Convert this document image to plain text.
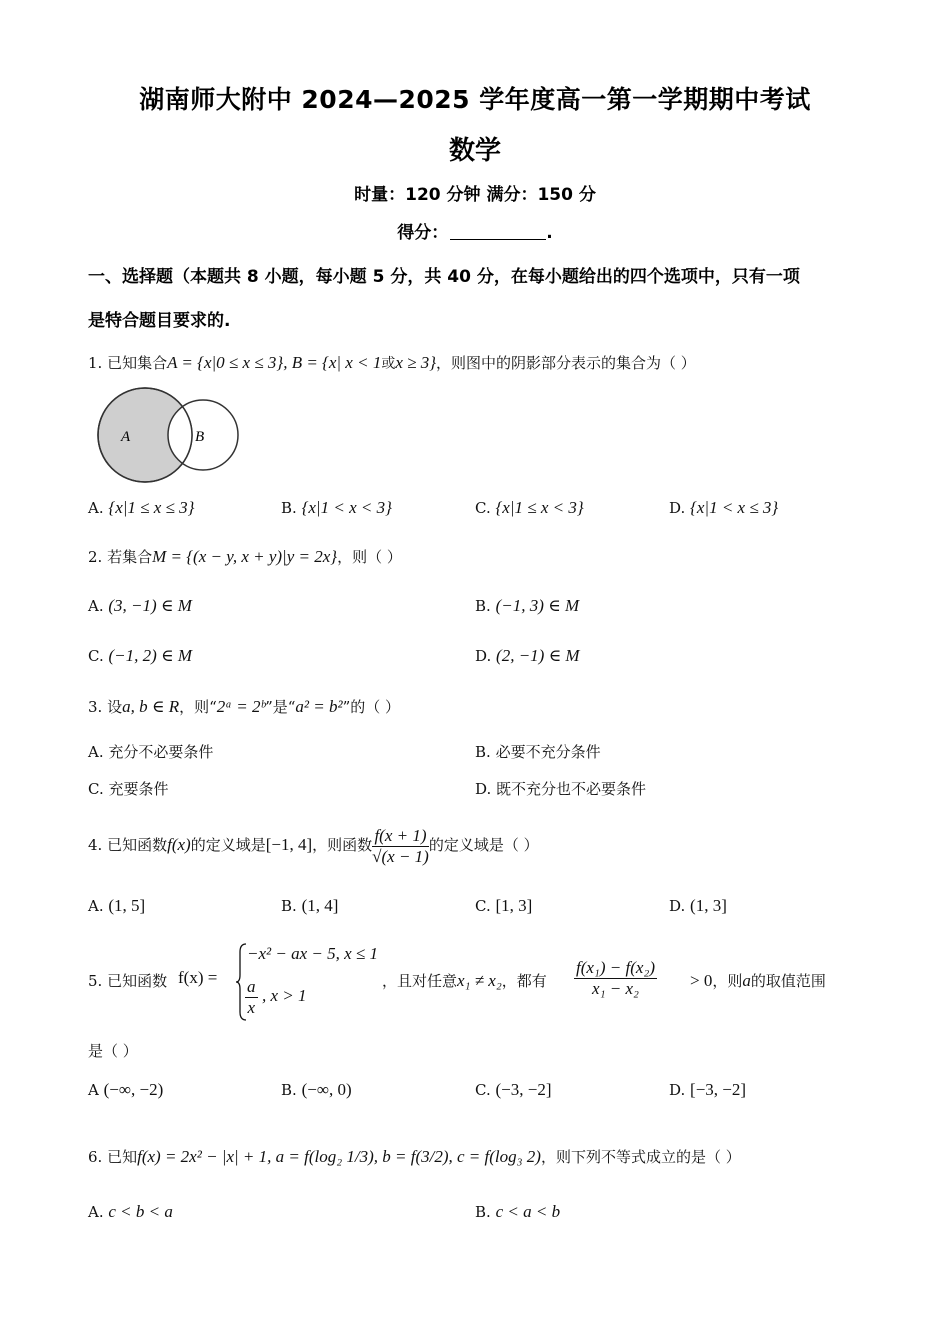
湖南师大附中 2024—2025 学年度高一第一学期期中考试
数学
时量：120 分钟 满分：150 分
得分：	.
一、选择题（本题共 8 小题，每小题 5 分，共 40 分，在每小题给出的四个选项中，只有一项
是特合题目要求的.
1. 已知集合A = {x|0 ≤ x ≤ 3}, B = {x| x < 1或x ≥ 3}，则图中的阴影部分表示的集合为（ ）
A	B
A. {x|1 ≤ x ≤ 3}	B. {x|1 < x < 3}	C. {x|1 ≤ x < 3}	D. {x|1 < x ≤ 3}
2. 若集合M = {(x − y, x + y)|y = 2x}，则（ ）
A. (3, −1) ∈ M	B. (−1, 3) ∈ M
C. (−1, 2) ∈ M	D. (2, −1) ∈ M
3. 设a, b ∈ R，则“2ᵃ = 2ᵇ”是“a² = b²”的（ ）
A. 充分不必要条件	B. 必要不充分条件
C. 充要条件	D. 既不充分也不必要条件
4. 已知函数f(x)的定义域是[−1, 4]，则函数 $\frac{f(x + 1)}{√(x - 1)}$ 的定义域是（ ）
A. (1, 5]	B. (1, 4]	C. [1, 3]	D. (1, 3]
5. 已知函数 f(x) =
−x² − ax − 5, x ≤ 1
$\frac{a}{x}$ , x > 1
，且对任意x₁ ≠ x₂，都有 $\frac{\text{f(x₁) − f(x₂)}}{\text{x₁ − x₂}} > 0$，则a的取值范围
是（ ）
A (−∞, −2)	B. (−∞, 0)	C. (−3, −2]	D. [−3, −2]
6. 已知f(x) = 2x² − |x| + 1, a = f(log₂ 1/3), b = f(3/2), c = f(log₃ 2)，则下列不等式成立的是（ ）
A. c < b < a	B. c < a < b
